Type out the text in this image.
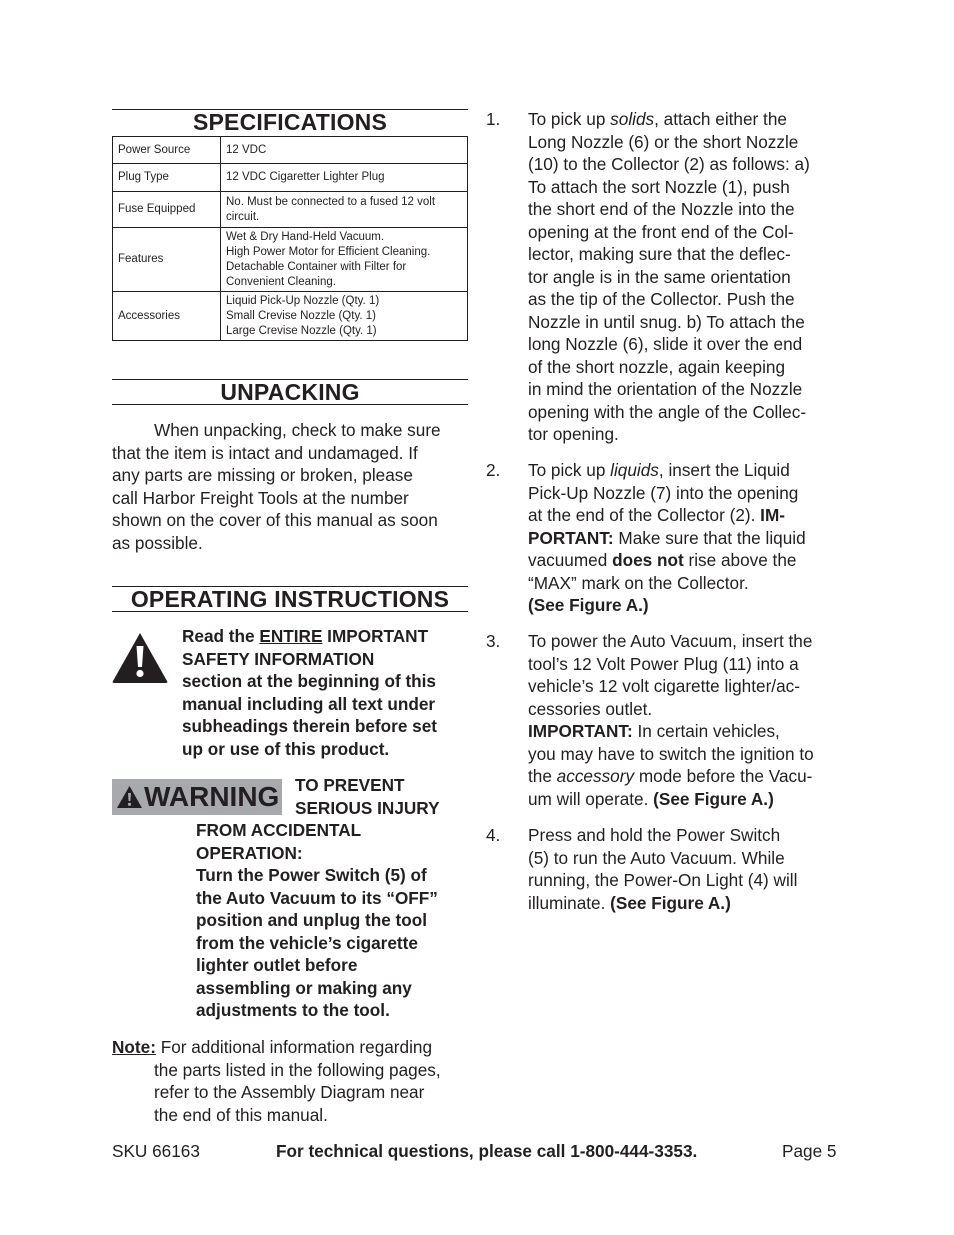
SPECIFICATIONS
Power Source	12 VDC
Plug Type	12 VDC Cigaretter Lighter Plug
Fuse Equipped	No. Must be connected to a fused 12 volt
circuit.

Features	Wet & Dry Hand-Held Vacuum.
High Power Motor for Efficient Cleaning.
Detachable Container with Filter for
Convenient Cleaning.

Accessories	Liquid Pick-Up Nozzle (Qty. 1)
Small Crevise Nozzle (Qty. 1)
Large Crevise Nozzle (Qty. 1)
UNPACKING
When unpacking, check to make sure
that the item is intact and undamaged. If
any parts are missing or broken, please
call Harbor Freight Tools at the number
shown on the cover of this manual as soon
as possible.
OPERATING INSTRUCTIONS
Read the ENTIRE IMPORTANT
SAFETY INFORMATION
section at the beginning of this
manual including all text under
subheadings therein before set
up or use of this product.
WARNING TO PREVENT
SERIOUS INJURY
FROM ACCIDENTAL
OPERATION:
Turn the Power Switch (5) of
the Auto Vacuum to its “OFF”
position and unplug the tool
from the vehicle’s cigarette
lighter outlet before
assembling or making any
adjustments to the tool.
Note: For additional information regarding
the parts listed in the following pages,
refer to the Assembly Diagram near
the end of this manual.
1. To pick up solids, attach either the
Long Nozzle (6) or the short Nozzle
(10) to the Collector (2) as follows: a)
To attach the sort Nozzle (1), push
the short end of the Nozzle into the
opening at the front end of the Col-
lector, making sure that the deflec-
tor angle is in the same orientation
as the tip of the Collector. Push the
Nozzle in until snug. b) To attach the
long Nozzle (6), slide it over the end
of the short nozzle, again keeping
in mind the orientation of the Nozzle
opening with the angle of the Collec-
tor opening.
2. To pick up liquids, insert the Liquid
Pick-Up Nozzle (7) into the opening
at the end of the Collector (2). IM-
PORTANT: Make sure that the liquid
vacuumed does not rise above the
“MAX” mark on the Collector.
(See Figure A.)
3. To power the Auto Vacuum, insert the
tool’s 12 Volt Power Plug (11) into a
vehicle’s 12 volt cigarette lighter/ac-
cessories outlet.
IMPORTANT: In certain vehicles,
you may have to switch the ignition to
the accessory mode before the Vacu-
um will operate. (See Figure A.)
4. Press and hold the Power Switch
(5) to run the Auto Vacuum. While
running, the Power-On Light (4) will
illuminate. (See Figure A.)
SKU 66163	For technical questions, please call 1-800-444-3353.	Page 5
